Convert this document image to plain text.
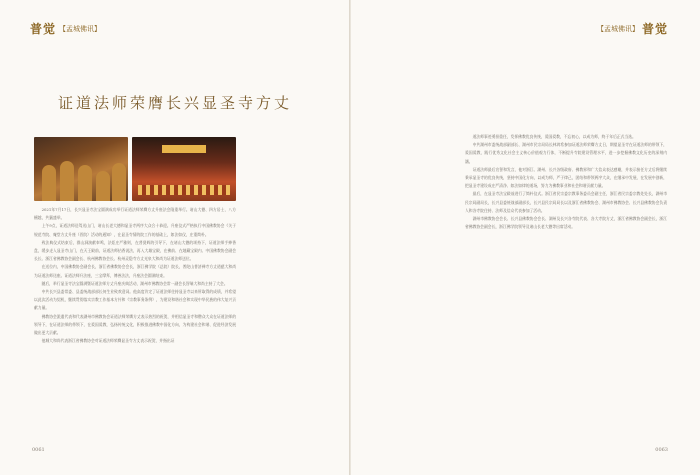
普觉 【孟城佛讯】
证道法师荣膺长兴显圣寺方丈

2021年7月17日，长兴显圣寺法宝圆满成功举行证道法师荣膺方丈升座法会隆重举行。诸山大德、四方居士，八方檀越，共襄盛举。

上午9点，证道法师送驾送山门，诸山长老大德和显圣寺两序大众合十恭迎。升座仪式严格执行中国佛教协会《关于规范寺院、庵堂方丈升座（晋院）活动的通知》，在显圣寺情的院工作的基础上，如法如仪，庄重简朴。

致法典仪式结束后，群山洞演献奉鸣，法炬庄严雅则，在普贤辉的引导下，在诸山大德的颂持下，证道法师手捧香盘，缓步走入显圣寺山门，在天王殿前，证道法师拈香说法，再入大雄宝殿，在佛前、在地藏宝殿内、中国佛教协会副会长长、浙江省佛教协会副会长、杭州佛教协会长、杭州灵隐寺方丈光泉大和尚为证道法师送位。

在送位内，中国佛教协会副会长，浙江省佛教协会会长，浙江佛学院（总院）院长，普陀山普济禅寺方丈道慈大和尚为证道法师送座。证道法师升法座，三宝摩拜，傅善法法，升座法会圆满结束。

随后，举行显圣寺法宝圆满暨证道法师方丈升座庆典活动，湖州市佛教协会常一副会长智瑞大和尚主持了大会。

中共长兴县委常委、县委统战部部长何生业致欢迎词。他高度肯定了证道法师往持显圣寺以来所取得的成绩，并希望以此次活动为契机，继续贯彻落实宗教工作基本方针和《宗教事务条例》，为建设和谐社会和实现中华民族的伟大复兴贡献力量。

佛教协会派遣代表和代表湖州市佛教协会证道法师荣膺方丈表示热烈的祝贺，并相信显圣寺和僧众大众在证道法师的领导下，在证道法师的带领下，在爱国爱教，弘扬传统文化，积极推进佛教中国化方向，为构建社会和谐、促进经济发展做出更大贡献。

他城大和尚代表浙江省佛教协会对证道法师荣膺显圣寺方丈表示祝贺，并指出证

0061
【孟城佛讯】 普觉

道法师事迹勇担重任，发挥佛教优良传统，爱国爱教，不忘初心，以戒为师，终于年后正式当选。

中共湖州市委统战部副部长、湖州市民宗局局长林鸿希参加证道法师荣膺方丈日，期望显圣寺在证道法师的带领下，爱国爱教，践行优秀文化社会主义核心价值观力行体，不断提升寺院建设管理水平，进一步挖掘佛教文化历史的深刻内涵。

证道法师最后宣誓和发言，他对浙江、湖州、长兴各级政府、佛教界和广大信众表达感谢，并表示接任方丈后将继续秉承显圣寺的优良传统，坚持中国化方向，以戒为师，严于律己，团结和带领两序大众，在继承中发展，在发展中创新，把显圣寺建设成庄严清净、如法如律的道场，努力为佛教事业和社会和谐贡献力量。

最后，在显圣寺法宝殿前进行了简朴仪式。浙江省民宗委宗教事务委员会副主任，浙江省民宗委宗教处处长，湖州市民宗局副局长，长兴县委统战部副部长，长兴县民宗局局长以及浙江省佛教协会、湖州市佛教协会、长兴县佛教协会负责人和各寺院住持、法师及信众代表参加了活动。

湖州市佛教协会会长、长兴县佛教协会会长、湖州及长兴各寺院代表、各大寺院方丈，浙江省佛教协会副会长，浙江省佛教协会副会长，浙江佛学院领导及诸山长老大德等出席活动。

0063
